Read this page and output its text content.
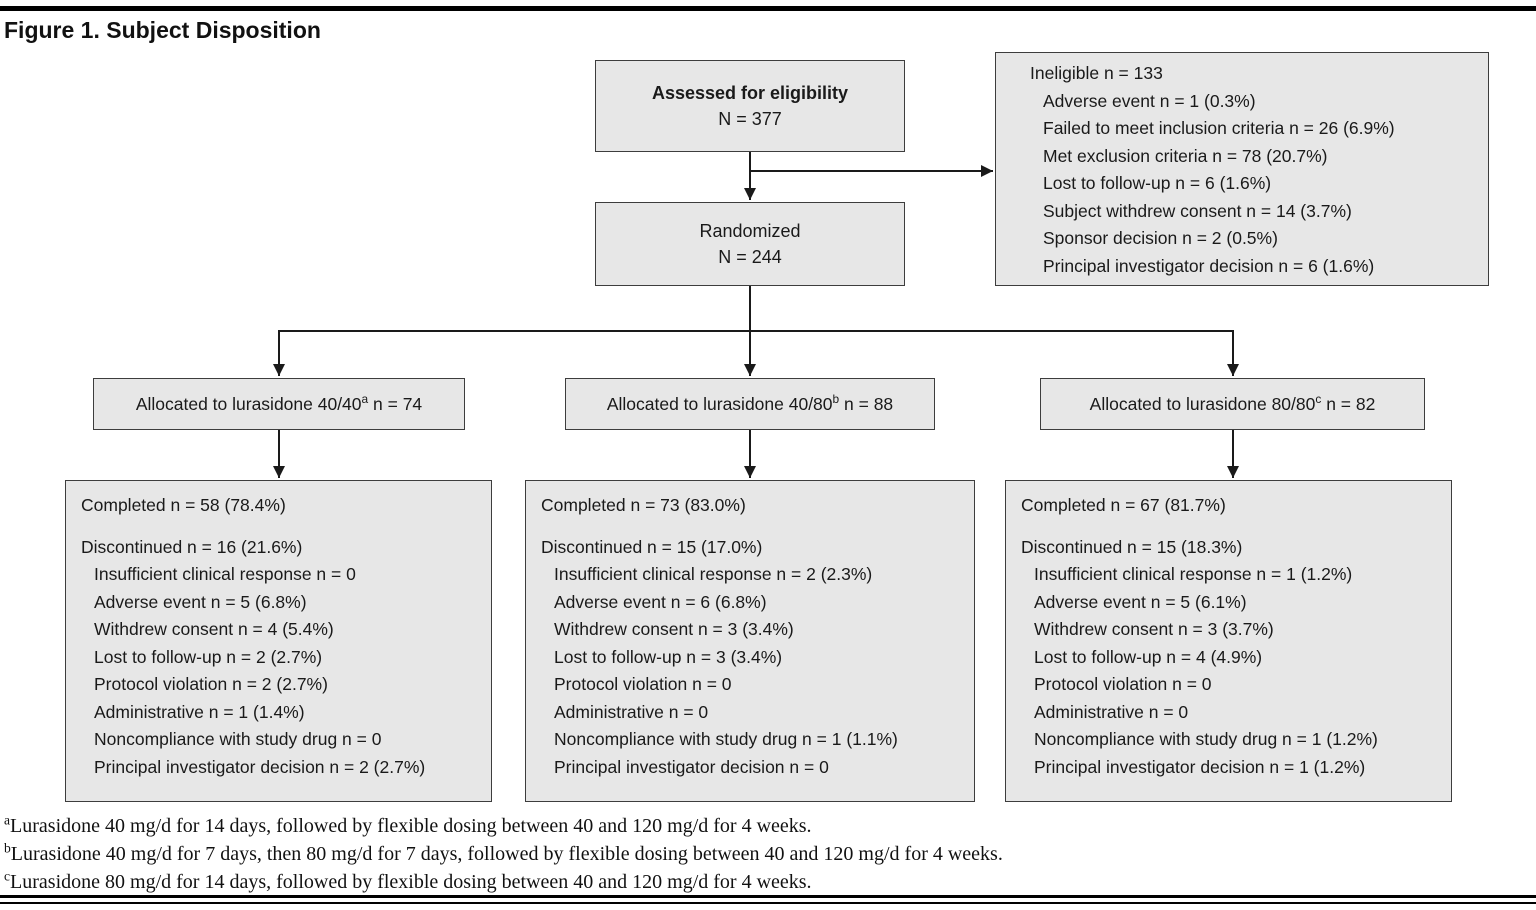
Figure 1. Subject Disposition
Assessed for eligibility
N = 377
Randomized
N = 244
Ineligible n = 133
Adverse event n = 1 (0.3%)
Failed to meet inclusion criteria n = 26 (6.9%)
Met exclusion criteria n = 78 (20.7%)
Lost to follow-up n = 6 (1.6%)
Subject withdrew consent n = 14 (3.7%)
Sponsor decision n = 2 (0.5%)
Principal investigator decision n = 6 (1.6%)
Allocated to lurasidone 40/40$^a$ n = 74	Allocated to lurasidone 40/80$^b$ n = 88	Allocated to lurasidone 80/80$^c$ n = 82
Completed n = 58 (78.4%)
Discontinued n = 16 (21.6%)
Insufficient clinical response n = 0
Adverse event n = 5 (6.8%)
Withdrew consent n = 4 (5.4%)
Lost to follow-up n = 2 (2.7%)
Protocol violation n = 2 (2.7%)
Administrative n = 1 (1.4%)
Noncompliance with study drug n = 0
Principal investigator decision n = 2 (2.7%)
Completed n = 73 (83.0%)
Discontinued n = 15 (17.0%)
Insufficient clinical response n = 2 (2.3%)
Adverse event n = 6 (6.8%)
Withdrew consent n = 3 (3.4%)
Lost to follow-up n = 3 (3.4%)
Protocol violation n = 0
Administrative n = 0
Noncompliance with study drug n = 1 (1.1%)
Principal investigator decision n = 0
Completed n = 67 (81.7%)
Discontinued n = 15 (18.3%)
Insufficient clinical response n = 1 (1.2%)
Adverse event n = 5 (6.1%)
Withdrew consent n = 3 (3.7%)
Lost to follow-up n = 4 (4.9%)
Protocol violation n = 0
Administrative n = 0
Noncompliance with study drug n = 1 (1.2%)
Principal investigator decision n = 1 (1.2%)
$^a$Lurasidone 40 mg/d for 14 days, followed by flexible dosing between 40 and 120 mg/d for 4 weeks.
$^b$Lurasidone 40 mg/d for 7 days, then 80 mg/d for 7 days, followed by flexible dosing between 40 and 120 mg/d for 4 weeks.
$^c$Lurasidone 80 mg/d for 14 days, followed by flexible dosing between 40 and 120 mg/d for 4 weeks.
